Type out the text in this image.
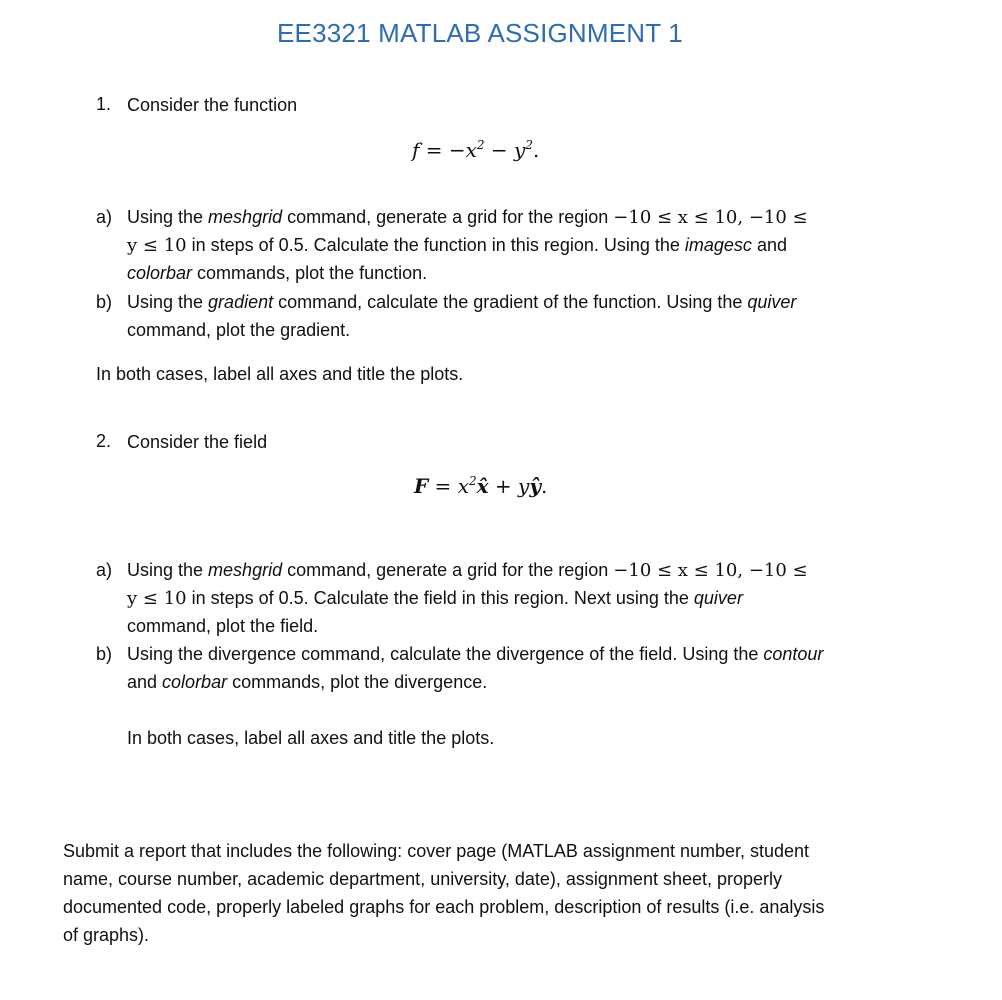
EE3321 MATLAB ASSIGNMENT 1
1. Consider the function
$f = -x^2 - y^2$.
a) Using the meshgrid command, generate a grid for the region −10 ≤ x ≤ 10, −10 ≤
y ≤ 10 in steps of 0.5. Calculate the function in this region. Using the imagesc and
colorbar commands, plot the function.
b) Using the gradient command, calculate the gradient of the function. Using the quiver
command, plot the gradient.
In both cases, label all axes and title the plots.
2. Consider the field
$F = x^2x̂$ + yŷ.
a) Using the meshgrid command, generate a grid for the region −10 ≤ x ≤ 10, −10 ≤
y ≤ 10 in steps of 0.5. Calculate the field in this region. Next using the quiver
command, plot the field.
b) Using the divergence command, calculate the divergence of the field. Using the contour
and colorbar commands, plot the divergence.
In both cases, label all axes and title the plots.
Submit a report that includes the following: cover page (MATLAB assignment number, student
name, course number, academic department, university, date), assignment sheet, properly
documented code, properly labeled graphs for each problem, description of results (i.e. analysis
of graphs).
